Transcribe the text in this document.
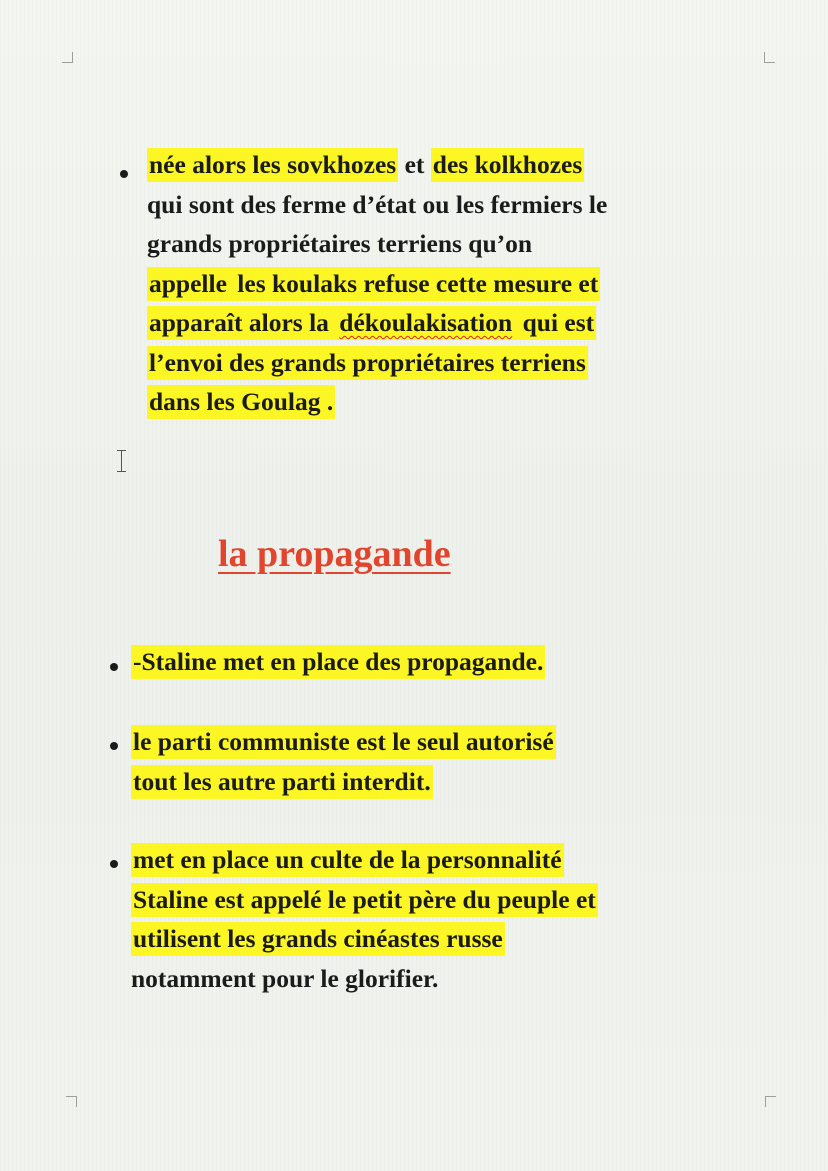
née alors les sovkhozes et des kolkhozes
qui sont des ferme d’état ou les fermiers le
grands propriétaires terriens qu’on
appelle les koulaks refuse cette mesure et
apparaît alors la dékoulakisation qui est
l’envoi des grands propriétaires terriens
dans les Goulag .
la propagande
-Staline met en place des propagande.
le parti communiste est le seul autorisé
tout les autre parti interdit.
met en place un culte de la personnalité
Staline est appelé le petit père du peuple et
utilisent les grands cinéastes russe
notamment pour le glorifier.
